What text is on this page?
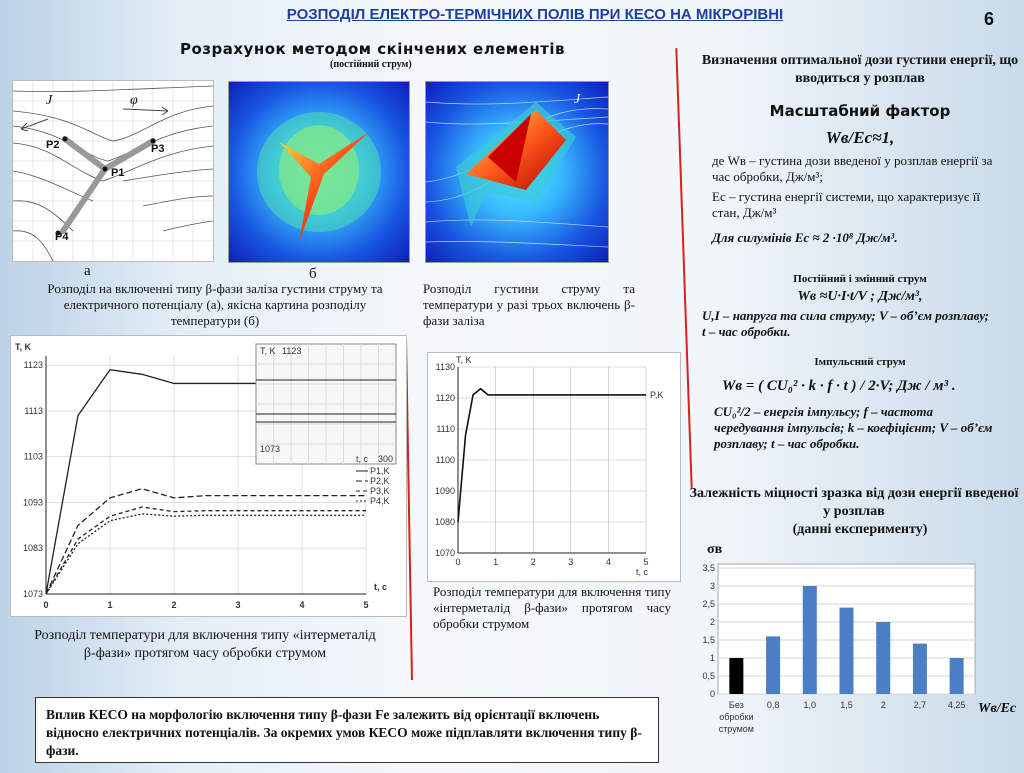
РОЗПОДІЛ ЕЛЕКТРО-ТЕРМІЧНИХ ПОЛІВ ПРИ КЕСО НА МІКРОРІВНІ	6
Розрахунок методом скінчених елементів
(постійний струм)
J	φ
P2	P3
P1
P4
а	б
J
Розподіл на включенні типу β-фази заліза густини струму та електричного потенціалу (а), якісна картина розподілу температури (б)
Розподіл густини струму та температури у разі трьох включень β-фази заліза
0	1	2	3	4	5
1073
1083
1093
1103
1113
1123
T, K
t, c
T, K 1123
1073
t, c 300
P1,K
P2,K
P3,K
P4,K
Розподіл температури для включення типу «інтерметалід β-фази» протягом часу обробки струмом
0	1	2	3	4	5
1070
1080
1090
1100
1110
1120
1130
T, K
t, c
P,K
Розподіл температури для включення типу «інтерметалід β-фази» протягом часу обробки струмом
Визначення оптимальної дози густини енергії, що вводиться у розплав
Масштабний фактор
Wв/Ес≈1,
де Wв – густина дози введеної у розплав енергії за час обробки, Дж/м³;
Ес – густина енергії системи, що характеризує її стан, Дж/м³
Для силумінів Ес ≈ 2 ·10⁸ Дж/м³.
Постійний і змінний струм
Wв ≈U·I·t/V ; Дж/м³,
U,I – напруга та сила струму; V – об’єм розплаву; t – час обробки.
Імпульсний струм
Wв = ( CU₀² · k · f · t ) / 2·V; Дж / м³ .
CU₀²/2 – енергія імпульсу; f – частота чередування імпульсів; k – коефіцієнт; V – об’єм розплаву; t – час обробки.
Залежність міцності зразка від дози енергії введеної у розплав
(данні експерименту)
σв
0
0,5
1
1,5
2
2,5
3
3,5
Без
обробки
струмом
0,8	1,0	1,5	2	2,7 4,25 Wв/Ес
Вплив КЕСО на морфологію включення типу β-фази Fe залежить від орієнтації включень відносно електричних потенціалів. За окремих умов КЕСО може підплавляти включення типу β-фази.
